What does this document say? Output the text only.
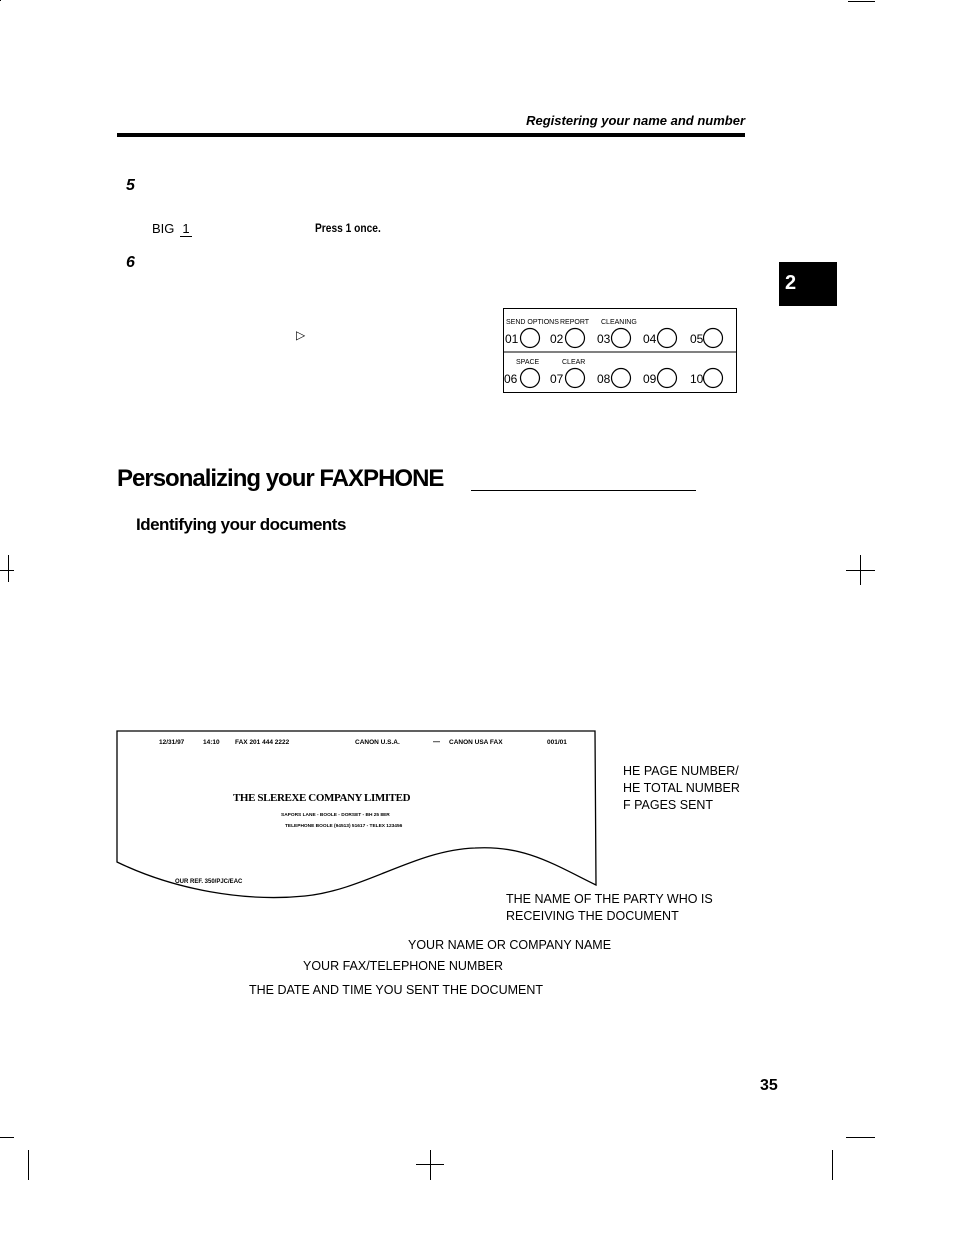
Registering your name and number
5
BIG 1	Press 1 once.
6
2
▷
SEND OPTIONS REPORT CLEANING
SPACE	CLEAR
01	02	03	04	05
06	07	08	09	10
Personalizing your FAXPHONE
Identifying your documents
12/31/97	14:10 FAX 201 444 2222	CANON U.S.A.	— CANON USA FAX	001/01
THE SLEREXE COMPANY LIMITED
SAPORS LANE - BOOLE - DORSET - BH 25 8ER
TELEPHONE BOOLE (94513) 51617 - TELEX 123456
OUR REF. 350/PJC/EAC
HE PAGE NUMBER/
HE TOTAL NUMBER
F PAGES SENT
THE NAME OF THE PARTY WHO IS
RECEIVING THE DOCUMENT
YOUR NAME OR COMPANY NAME
YOUR FAX/TELEPHONE NUMBER
THE DATE AND TIME YOU SENT THE DOCUMENT
35
